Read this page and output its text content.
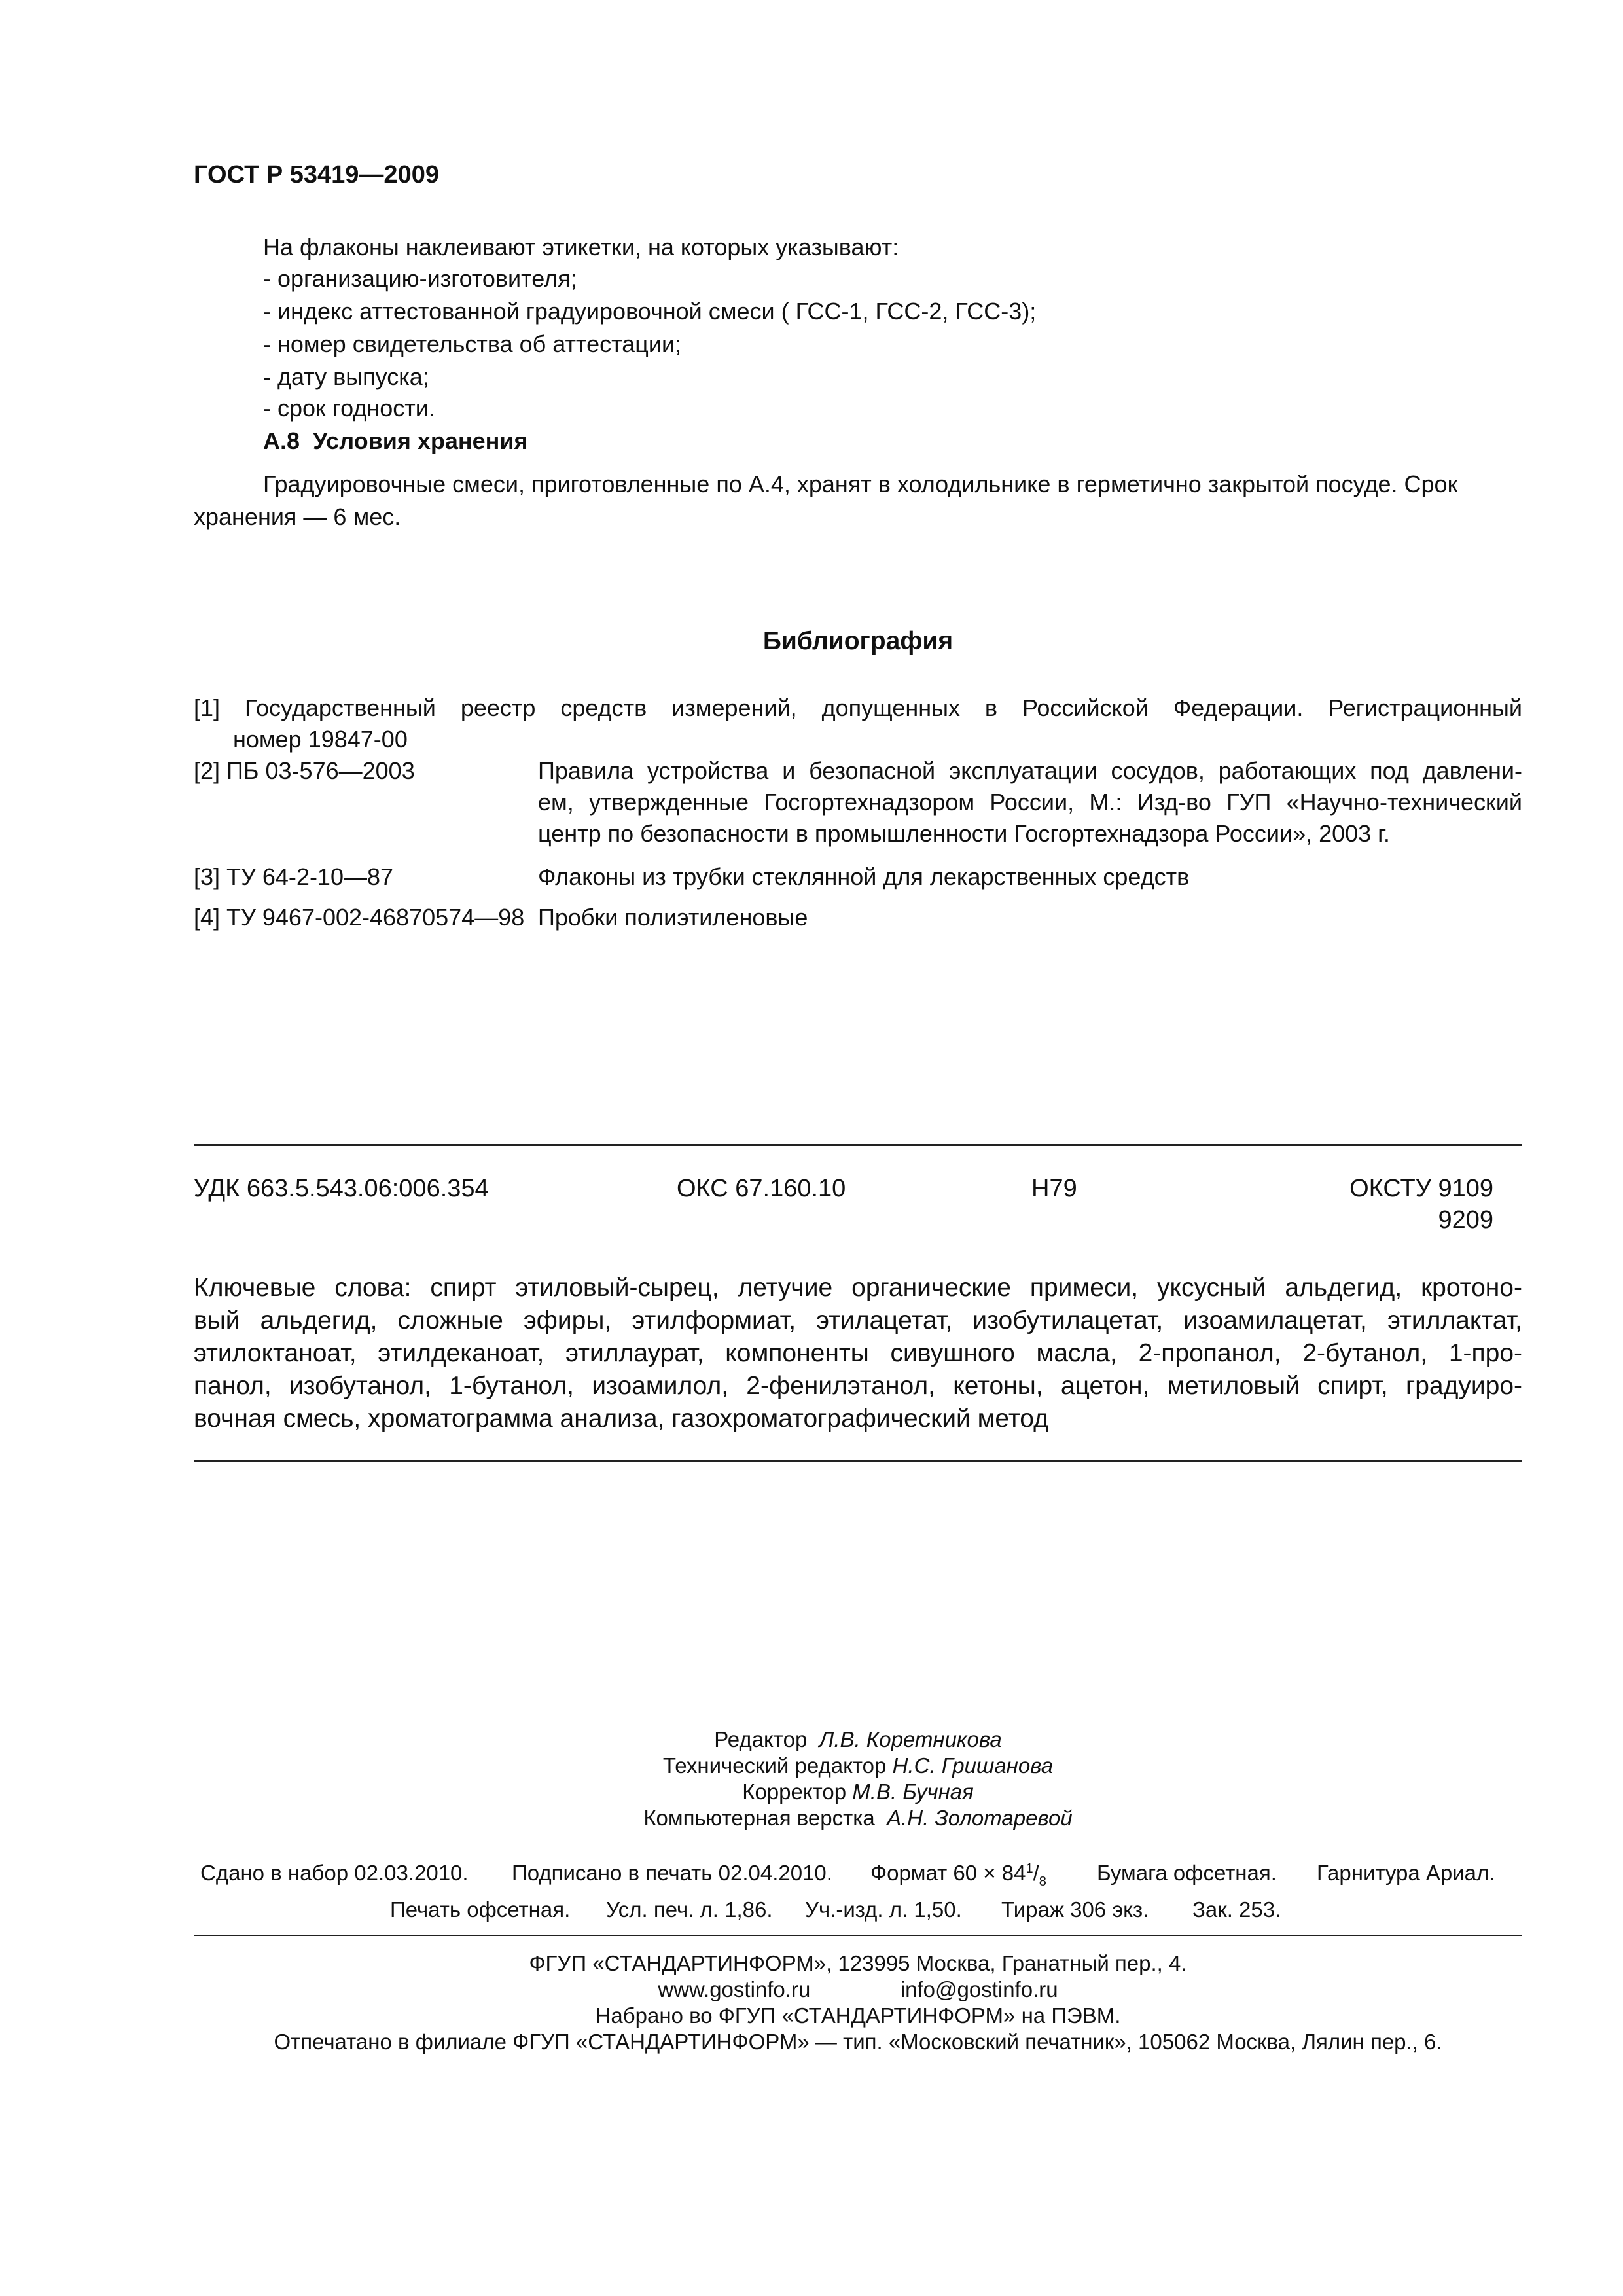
ГОСТ Р 53419—2009
На флаконы наклеивают этикетки, на которых указывают:
- организацию-изготовителя;
- индекс аттестованной градуировочной смеси ( ГСС-1, ГСС-2, ГСС-3);
- номер свидетельства об аттестации;
- дату выпуска;
- срок годности.
А.8 Условия хранения
Градуировочные смеси, приготовленные по А.4, хранят в холодильнике в герметично закрытой посуде. Срок
хранения — 6 мес.
Библиография
[1] Государственный реестр средств измерений, допущенных в Российской Федерации. Регистрационный
номер 19847-00
[2] ПБ 03-576—2003	Правила устройства и безопасной эксплуатации сосудов, работающих под давлени-
ем, утвержденные Госгортехнадзором России, М.: Изд-во ГУП «Научно-технический
центр по безопасности в промышленности Госгортехнадзора России», 2003 г.
[3] ТУ 64-2-10—87	Флаконы из трубки стеклянной для лекарственных средств
[4] ТУ 9467-002-46870574—98 Пробки полиэтиленовые
УДК 663.5.543.06:006.354	ОКС 67.160.10	Н79	ОКСТУ 9109
9209
Ключевые слова: спирт этиловый-сырец, летучие органические примеси, уксусный альдегид, кротоно-
вый альдегид, сложные эфиры, этилформиат, этилацетат, изобутилацетат, изоамилацетат, этиллактат,
этилоктаноат, этилдеканоат, этиллаурат, компоненты сивушного масла, 2-пропанол, 2-бутанол, 1-про-
панол, изобутанол, 1-бутанол, изоамилол, 2-фенилэтанол, кетоны, ацетон, метиловый спирт, градуиро-
вочная смесь, хроматограмма анализа, газохроматографический метод
Редактор Л.В. Коретникова
Технический редактор Н.С. Гришанова
Корректор М.В. Бучная
Компьютерная верстка А.Н. Золотаревой
Сдано в набор 02.03.2010. Подписано в печать 02.04.2010. Формат $60 \times 84^1/_8$ Бумага офсетная. Гарнитура Ариал.
Печать офсетная. Усл. печ. л. 1,86. Уч.-изд. л. 1,50. Тираж 306 экз. Зак. 253.
ФГУП «СТАНДАРТИНФОРМ», 123995 Москва, Гранатный пер., 4.
www.gostinfo.ru	info@gostinfo.ru
Набрано во ФГУП «СТАНДАРТИНФОРМ» на ПЭВМ.
Отпечатано в филиале ФГУП «СТАНДАРТИНФОРМ» — тип. «Московский печатник», 105062 Москва, Лялин пер., 6.
